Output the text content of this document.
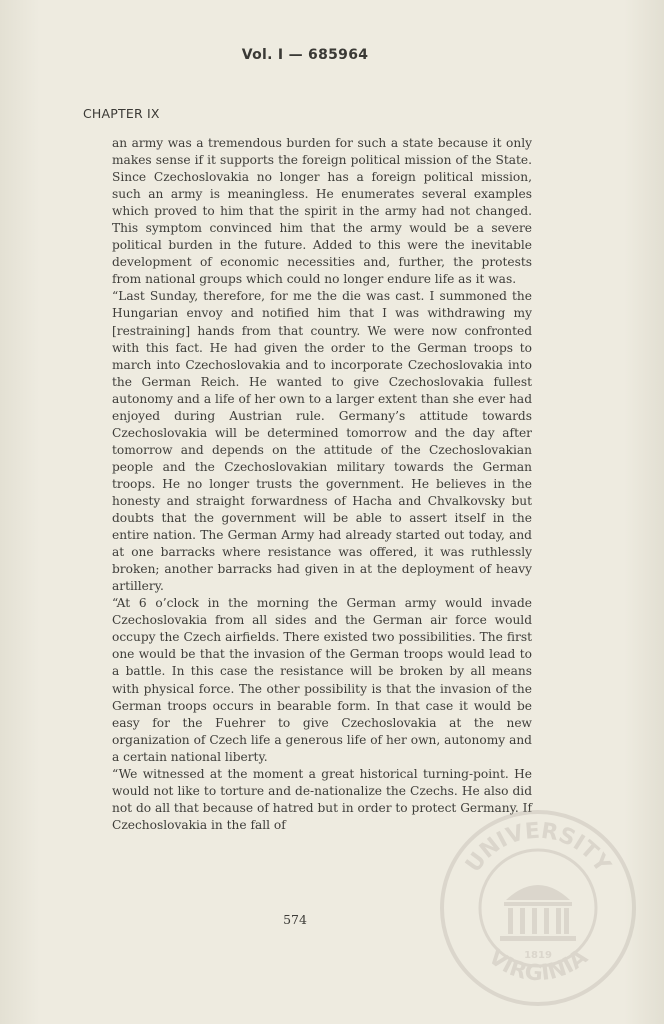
Vol. I — 685964
CHAPTER IX

an army was a tremendous burden for such a state because it only makes sense if it supports the foreign political mission of the State. Since Czechoslovakia no longer has a foreign political mission, such an army is meaningless. He enumerates several examples which proved to him that the spirit in the army had not changed. This symptom convinced him that the army would be a severe political burden in the future. Added to this were the inevitable development of economic necessities and, further, the protests from national groups which could no longer endure life as it was.

“Last Sunday, therefore, for me the die was cast. I summoned the Hungarian envoy and notified him that I was withdrawing my [restraining] hands from that country. We were now confronted with this fact. He had given the order to the German troops to march into Czechoslovakia and to incorporate Czechoslovakia into the German Reich. He wanted to give Czechoslovakia fullest autonomy and a life of her own to a larger extent than she ever had enjoyed during Austrian rule. Germany’s attitude towards Czechoslovakia will be determined tomorrow and the day after tomorrow and depends on the attitude of the Czechoslovakian people and the Czechoslovakian military towards the German troops. He no longer trusts the government. He believes in the honesty and straight forwardness of Hacha and Chvalkovsky but doubts that the government will be able to assert itself in the entire nation. The German Army had already started out today, and at one barracks where resistance was offered, it was ruthlessly broken; another barracks had given in at the deployment of heavy artillery.

“At 6 o’clock in the morning the German army would invade Czechoslovakia from all sides and the German air force would occupy the Czech airfields. There existed two possibilities. The first one would be that the invasion of the German troops would lead to a battle. In this case the resistance will be broken by all means with physical force. The other possibility is that the invasion of the German troops occurs in bearable form. In that case it would be easy for the Fuehrer to give Czechoslovakia at the new organization of Czech life a generous life of her own, autonomy and a certain national liberty.

“We witnessed at the moment a great historical turning-point. He would not like to torture and de-nationalize the Czechs. He also did not do all that because of hatred but in order to protect Germany. If Czechoslovakia in the fall of

574
UNIVERSITY
VIRGINIA
1819
